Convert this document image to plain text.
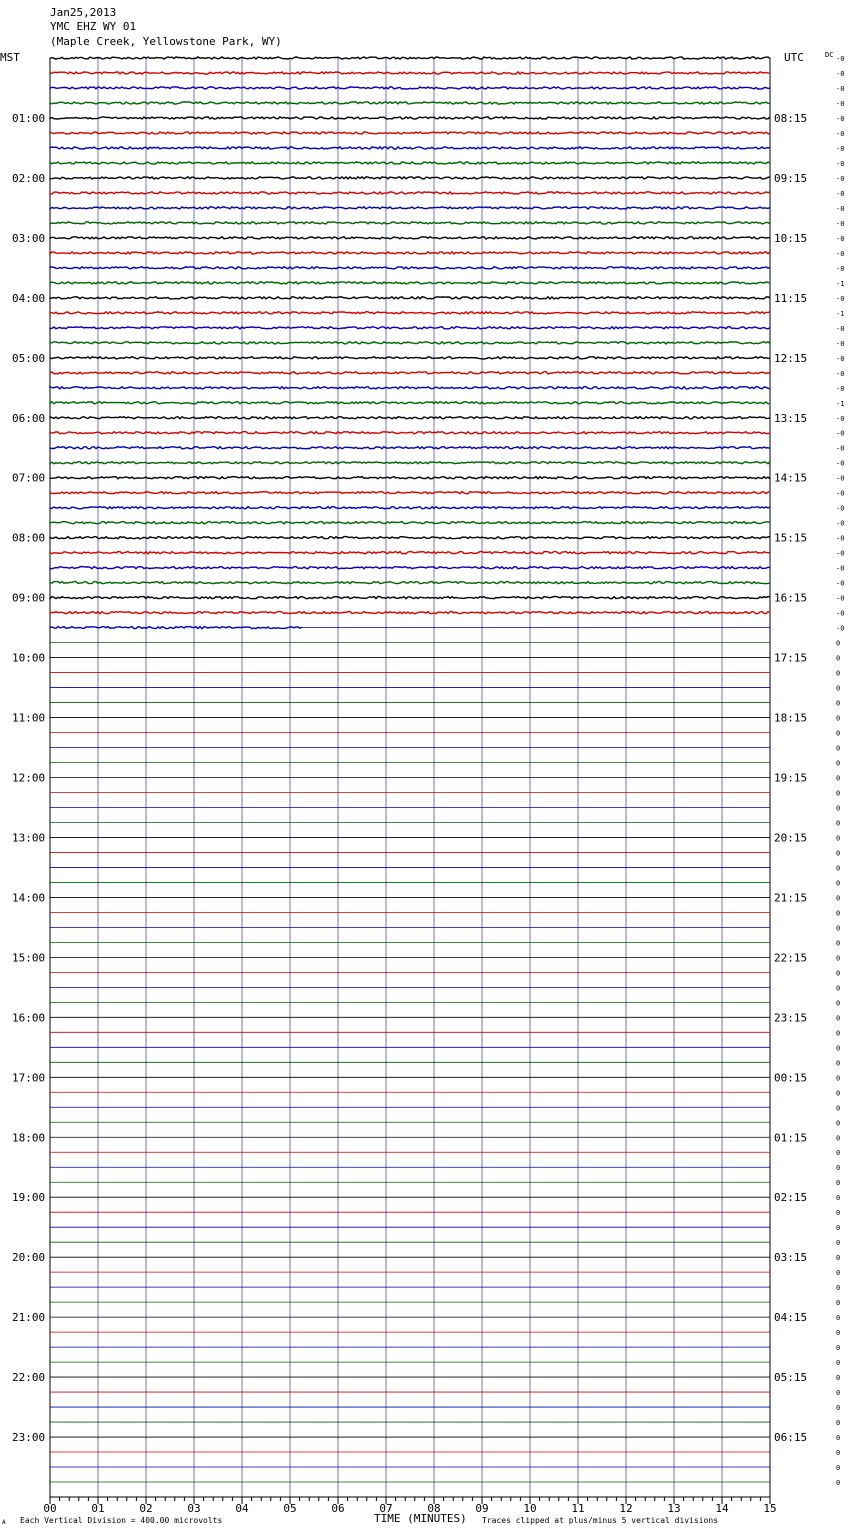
Jan25,2013
YMC EHZ WY 01
(Maple Creek, Yellowstone Park, WY)
MST	UTC	DC
01:00
02:00
03:00
04:00
05:00
06:00
07:00
08:00
09:00
10:00
11:00
12:00
13:00
14:00
15:00
16:00
17:00
18:00
19:00
20:00
21:00
22:00
23:00
08:15
09:15
10:15
11:15
12:15
13:15
14:15
15:15
16:15
17:15
18:15
19:15
20:15
21:15
22:15
23:15
00:15
01:15
02:15
03:15
04:15
05:15
06:15
-0
-0
-0
-0
-0
-0
-0
-0
-0
-0
-0
-0
-0
-0
-0
-1
-0
-1
-0
-0
-0
-0
-0
-1
-0
-0
-0
-0
-0
-0
-0
-0
-0
-0
-0
-0
-0
-0
-0
0
0
0
0
0
0
0
0
0
0
0
0
0
0
0
0
0
0
0
0
0
0
0
0
0
0
0
0
0
0
0
0
0
0
0
0
0
0
0
0
0
0
0
0
0
0
0
0
0
0
0
0
0
0
0
0
0
00	01	02	03	04	05	06	07	08	09	10	11	12	13	14	15
A Each Vertical Division = 400.00 microvolts	TIME (MINUTES) Traces clipped at plus/minus 5 vertical divisions
